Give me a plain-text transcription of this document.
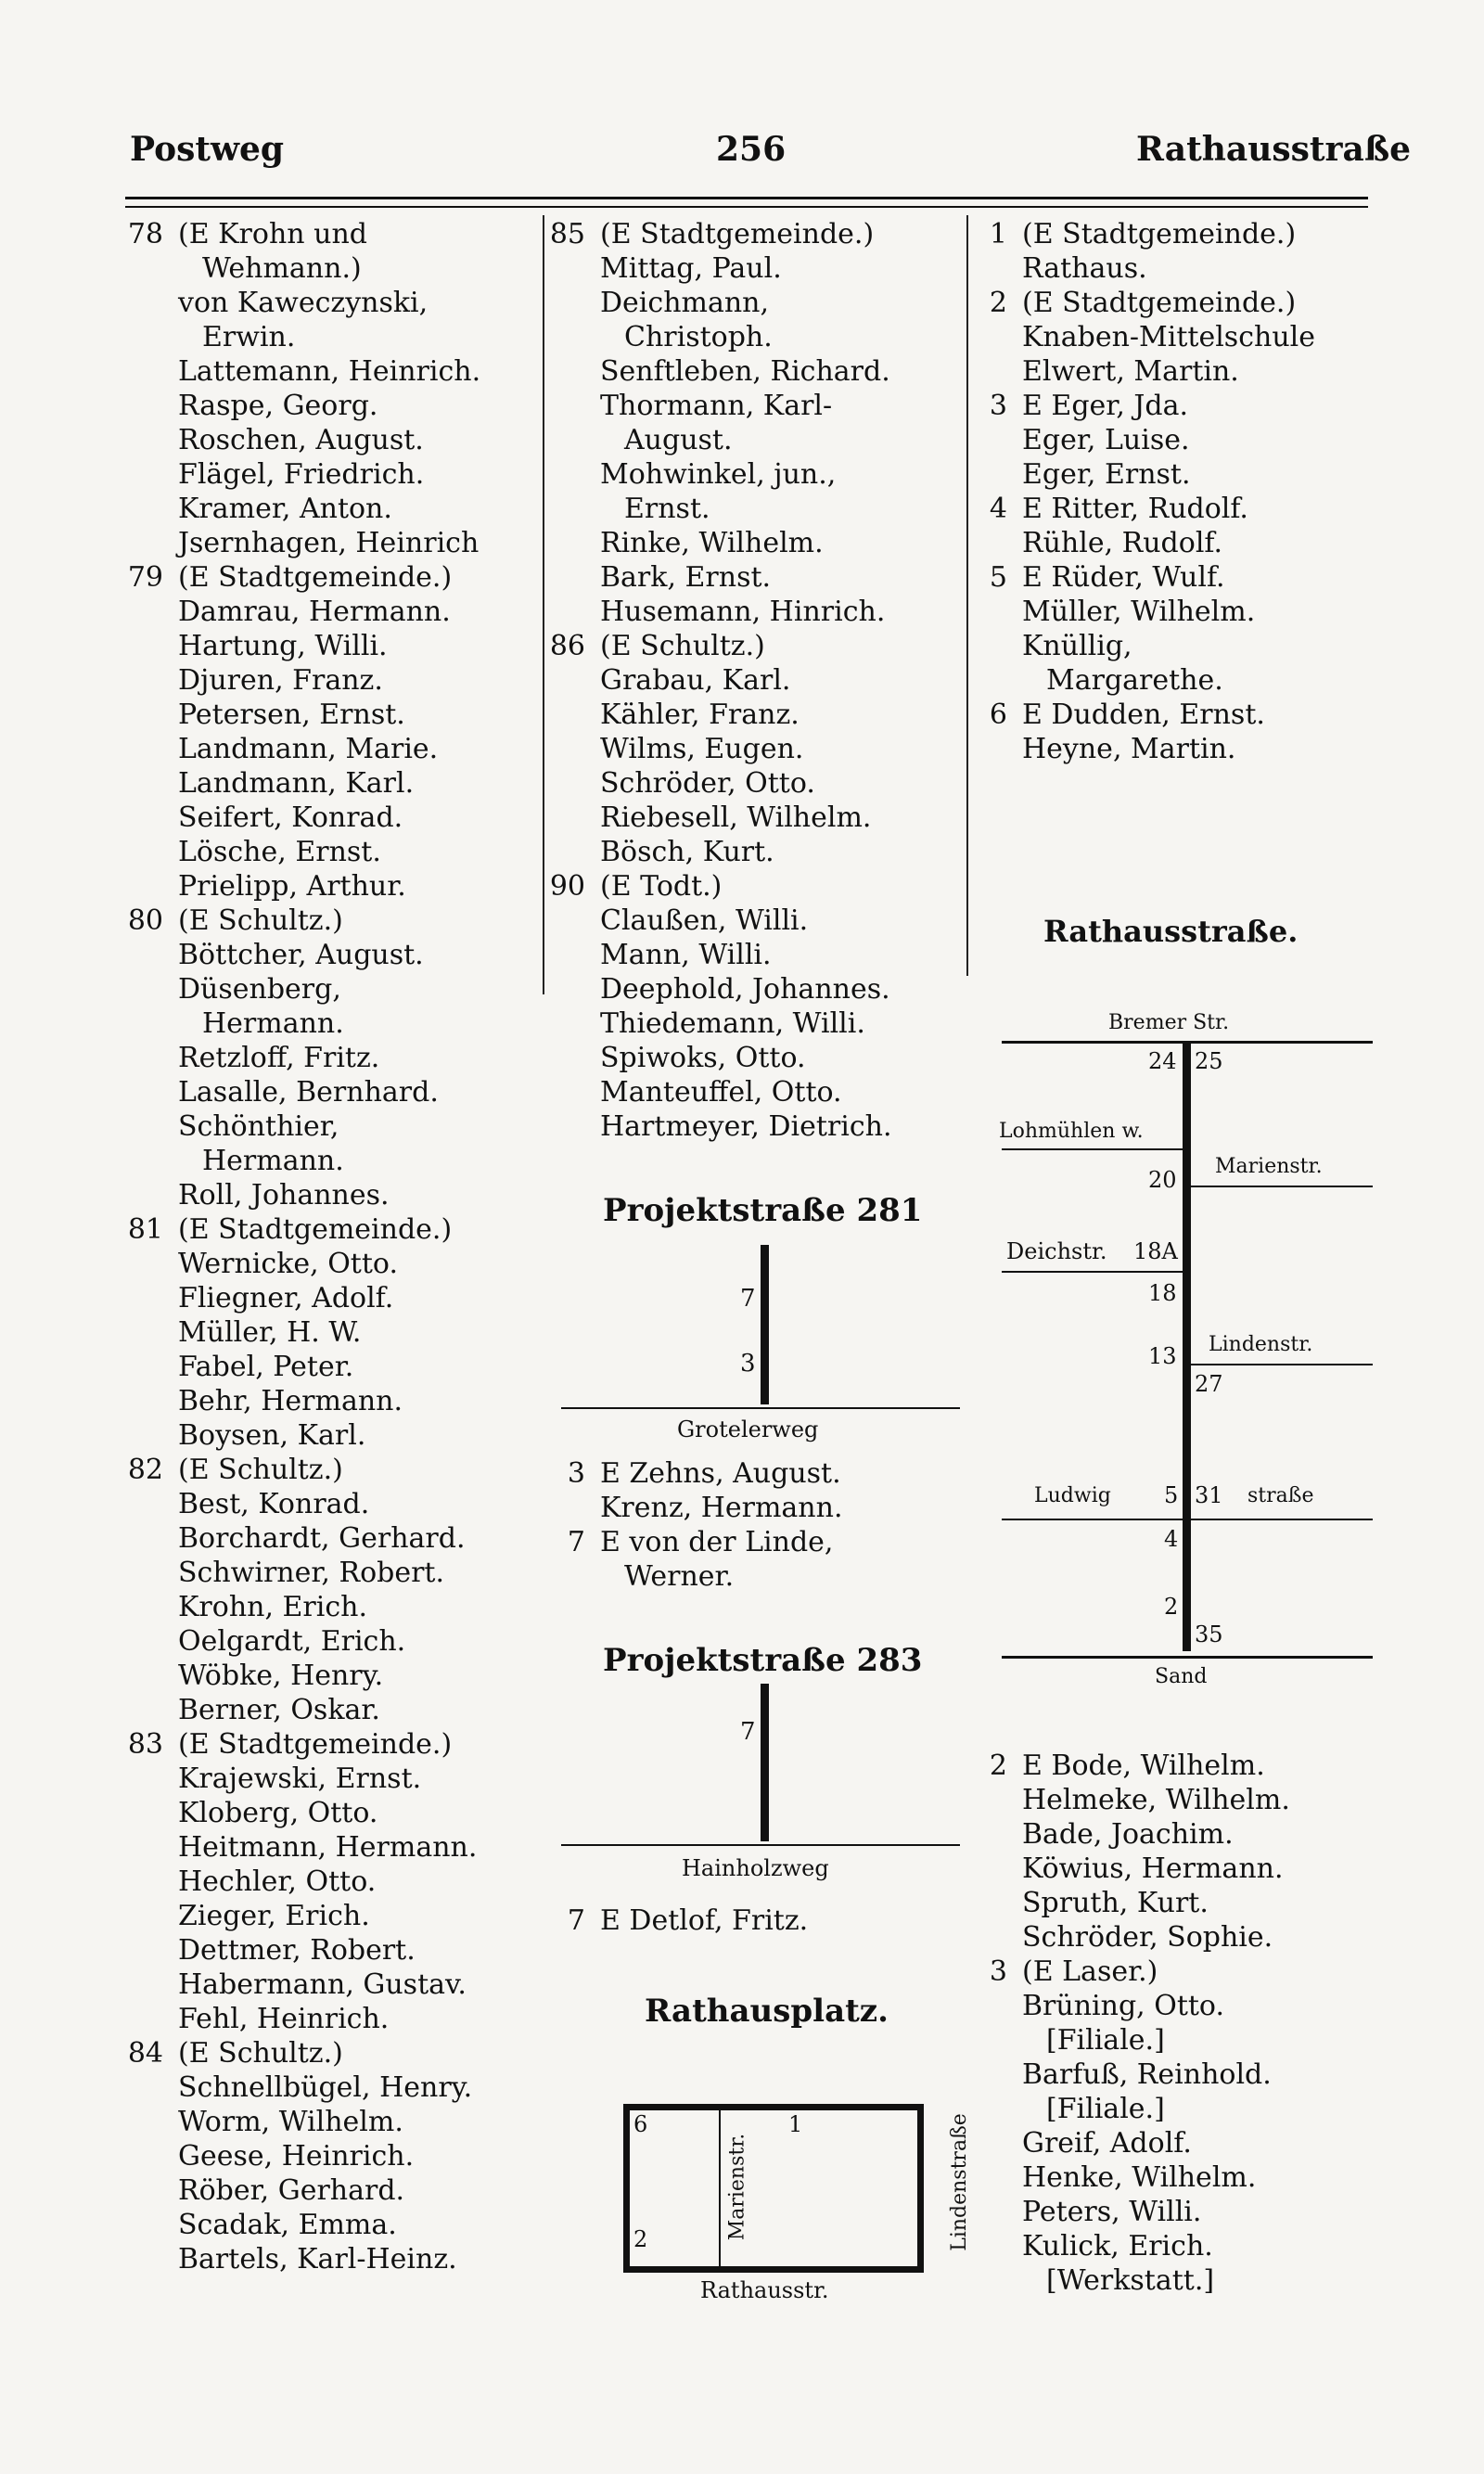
Postweg	256	Rathausstraße
78 (E Krohn und
Wehmann.)
von Kaweczynski,
Erwin.
Lattemann, Heinrich.
Raspe, Georg.
Roschen, August.
Flägel, Friedrich.
Kramer, Anton.
Jsernhagen, Heinrich
79 (E Stadtgemeinde.)
Damrau, Hermann.
Hartung, Willi.
Djuren, Franz.
Petersen, Ernst.
Landmann, Marie.
Landmann, Karl.
Seifert, Konrad.
Lösche, Ernst.
Prielipp, Arthur.
80 (E Schultz.)
Böttcher, August.
Düsenberg,
Hermann.
Retzloff, Fritz.
Lasalle, Bernhard.
Schönthier,
Hermann.
Roll, Johannes.
81 (E Stadtgemeinde.)
Wernicke, Otto.
Fliegner, Adolf.
Müller, H. W.
Fabel, Peter.
Behr, Hermann.
Boysen, Karl.
82 (E Schultz.)
Best, Konrad.
Borchardt, Gerhard.
Schwirner, Robert.
Krohn, Erich.
Oelgardt, Erich.
Wöbke, Henry.
Berner, Oskar.
83 (E Stadtgemeinde.)
Krajewski, Ernst.
Kloberg, Otto.
Heitmann, Hermann.
Hechler, Otto.
Zieger, Erich.
Dettmer, Robert.
Habermann, Gustav.
Fehl, Heinrich.
84 (E Schultz.)
Schnellbügel, Henry.
Worm, Wilhelm.
Geese, Heinrich.
Röber, Gerhard.
Scadak, Emma.
Bartels, Karl-Heinz.
85 (E Stadtgemeinde.)
Mittag, Paul.
Deichmann,
Christoph.
Senftleben, Richard.
Thormann, Karl-
August.
Mohwinkel, jun.,
Ernst.
Rinke, Wilhelm.
Bark, Ernst.
Husemann, Hinrich.
86 (E Schultz.)
Grabau, Karl.
Kähler, Franz.
Wilms, Eugen.
Schröder, Otto.
Riebesell, Wilhelm.
Bösch, Kurt.
90 (E Todt.)
Claußen, Willi.
Mann, Willi.
Deephold, Johannes.
Thiedemann, Willi.
Spiwoks, Otto.
Manteuffel, Otto.
Hartmeyer, Dietrich.
Projektstraße 281
7
3
Grotelerweg
3 E Zehns, August.
Krenz, Hermann.
7 E von der Linde,
Werner.
Projektstraße 283
7
Hainholzweg
7 E Detlof, Fritz.
Rathausplatz.
6	1
2	Marienstr.	Lindenstraße
Rathausstr.
1 (E Stadtgemeinde.)
Rathaus.
2 (E Stadtgemeinde.)
Knaben-Mittelschule
Elwert, Martin.
3 E Eger, Jda.
Eger, Luise.
Eger, Ernst.
4 E Ritter, Rudolf.
Rühle, Rudolf.
5 E Rüder, Wulf.
Müller, Wilhelm.
Knüllig,
Margarethe.
6 E Dudden, Ernst.
Heyne, Martin.
Rathausstraße.
Bremer Str.
24 25
Lohmühlen w.
20
Marienstr.
Deichstr. 18A
18
13 Lindenstr.
27
Ludwig 5 31 straße
4
2
35
Sand
2 E Bode, Wilhelm.
Helmeke, Wilhelm.
Bade, Joachim.
Köwius, Hermann.
Spruth, Kurt.
Schröder, Sophie.
3 (E Laser.)
Brüning, Otto.
[Filiale.]
Barfuß, Reinhold.
[Filiale.]
Greif, Adolf.
Henke, Wilhelm.
Peters, Willi.
Kulick, Erich.
[Werkstatt.]
